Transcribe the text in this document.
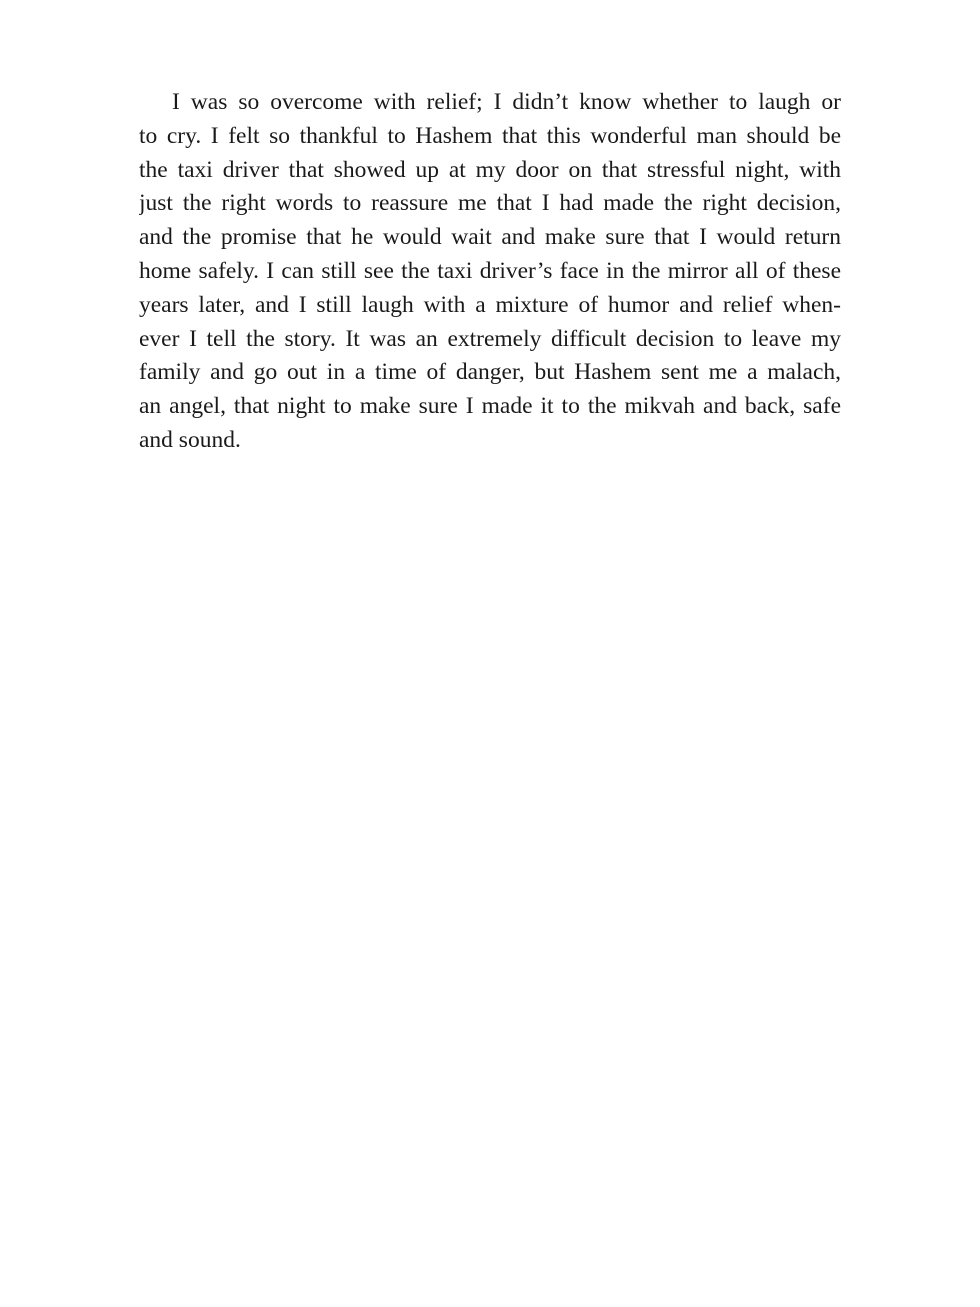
I was so overcome with relief; I didn’t know whether to laugh or
to cry. I felt so thankful to Hashem that this wonderful man should be
the taxi driver that showed up at my door on that stressful night, with
just the right words to reassure me that I had made the right decision,
and the promise that he would wait and make sure that I would return
home safely. I can still see the taxi driver’s face in the mirror all of these
years later, and I still laugh with a mixture of humor and relief when-
ever I tell the story. It was an extremely difficult decision to leave my
family and go out in a time of danger, but Hashem sent me a malach,
an angel, that night to make sure I made it to the mikvah and back, safe
and sound.
